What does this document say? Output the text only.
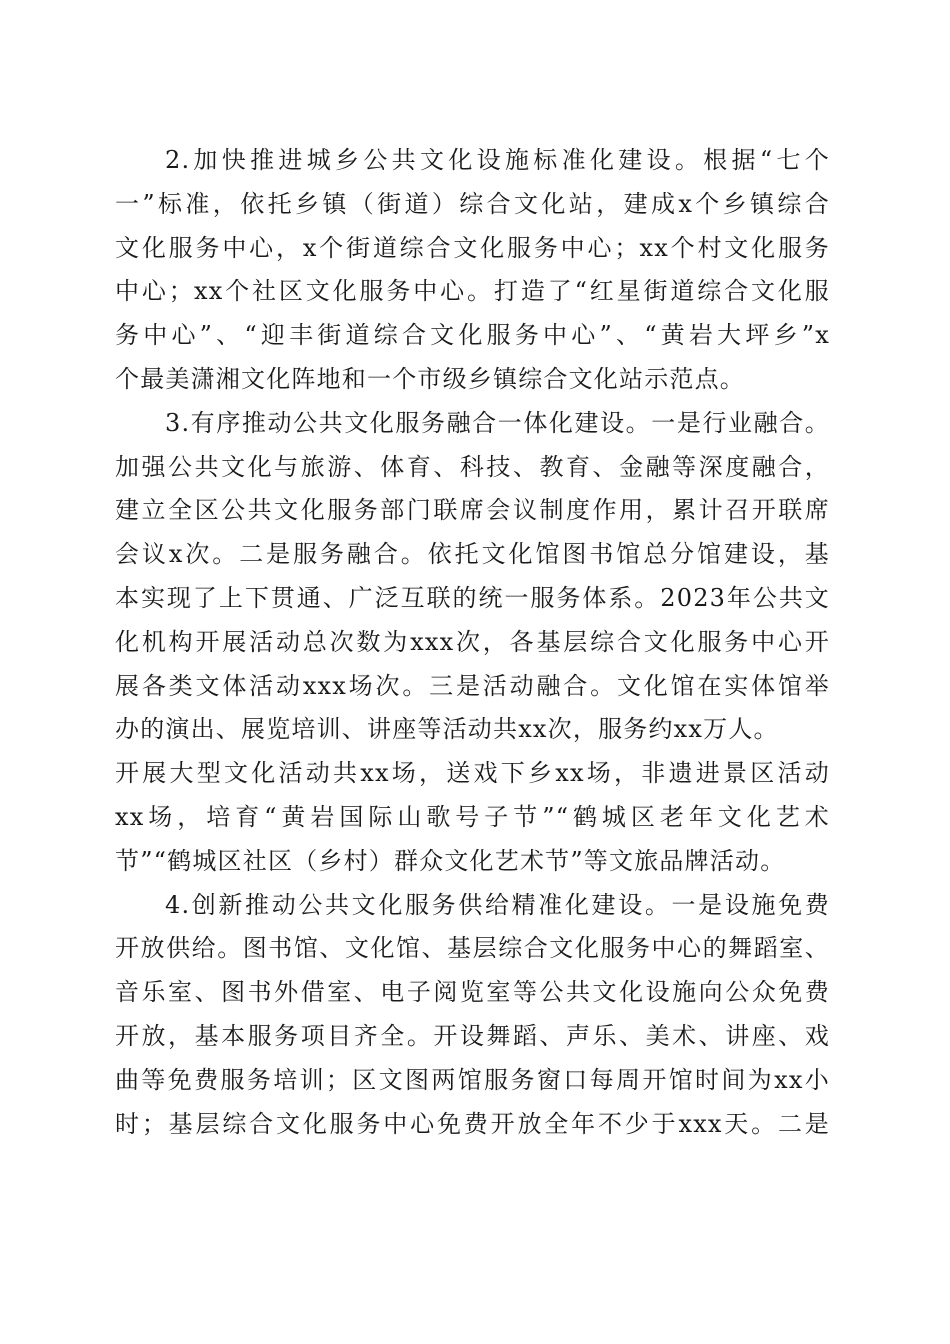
2.加快推进城乡公共文化设施标准化建设。根据“七个
一”标准，依托乡镇（街道）综合文化站，建成x个乡镇综合
文化服务中心，x个街道综合文化服务中心；xx个村文化服务
中心；xx个社区文化服务中心。打造了“红星街道综合文化服
务中心”、“迎丰街道综合文化服务中心”、“黄岩大坪乡”x
个最美潇湘文化阵地和一个市级乡镇综合文化站示范点。
3.有序推动公共文化服务融合一体化建设。一是行业融合。
加强公共文化与旅游、体育、科技、教育、金融等深度融合，
建立全区公共文化服务部门联席会议制度作用，累计召开联席
会议x次。二是服务融合。依托文化馆图书馆总分馆建设，基
本实现了上下贯通、广泛互联的统一服务体系。2023年公共文
化机构开展活动总次数为xxx次，各基层综合文化服务中心开
展各类文体活动xxx场次。三是活动融合。文化馆在实体馆举
办的演出、展览培训、讲座等活动共xx次，服务约xx万人。
开展大型文化活动共xx场，送戏下乡xx场，非遗进景区活动
xx场，培育“黄岩国际山歌号子节”“鹤城区老年文化艺术
节”“鹤城区社区（乡村）群众文化艺术节”等文旅品牌活动。
4.创新推动公共文化服务供给精准化建设。一是设施免费
开放供给。图书馆、文化馆、基层综合文化服务中心的舞蹈室、
音乐室、图书外借室、电子阅览室等公共文化设施向公众免费
开放，基本服务项目齐全。开设舞蹈、声乐、美术、讲座、戏
曲等免费服务培训；区文图两馆服务窗口每周开馆时间为xx小
时；基层综合文化服务中心免费开放全年不少于xxx天。二是
